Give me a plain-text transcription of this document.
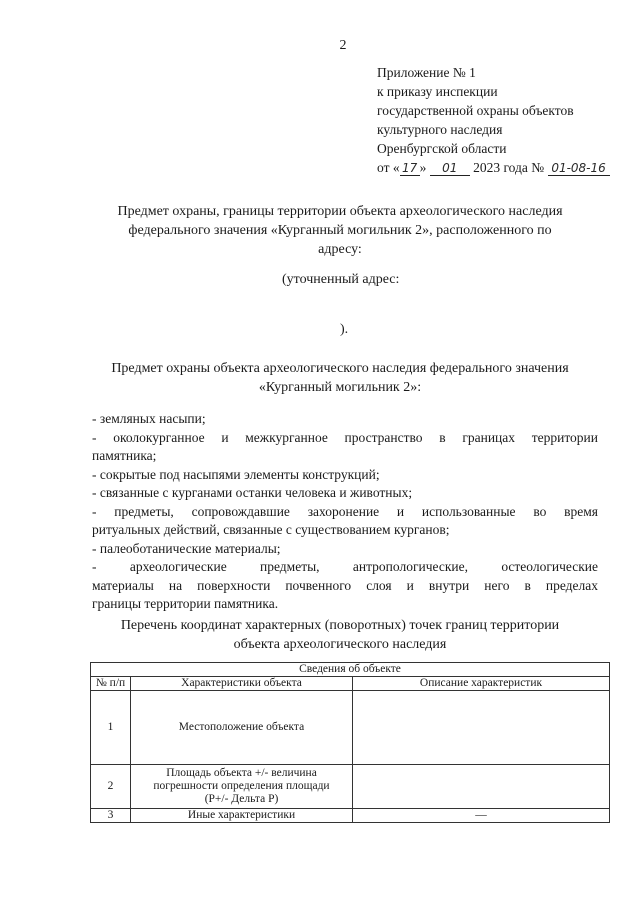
2
Приложение № 1
к приказу инспекции
государственной охраны объектов
культурного наследия
Оренбургской области
от « 17 » 01 2023 года № 01-08-16
Предмет охраны, границы территории объекта археологического наследия
федерального значения «Курганный могильник 2», расположенного по
адресу:
(уточненный адрес:
).
Предмет охраны объекта археологического наследия федерального значения
«Курганный могильник 2»:
- земляных насыпи;
- околокурганное и межкурганное пространство в границах территории
памятника;
- сокрытые под насыпями элементы конструкций;
- связанные с курганами останки человека и животных;
- предметы, сопровождавшие захоронение и использованные во время
ритуальных действий, связанные с существованием курганов;
- палеоботанические материалы;
- археологические предметы, антропологические, остеологические
материалы на поверхности почвенного слоя и внутри него в пределах
границы территории памятника.
Перечень координат характерных (поворотных) точек границ территории
объекта археологического наследия
Сведения об объекте		
№ п/п	Характеристики объекта	Описание характеристик
1	Местоположение объекта	
2	Площадь объекта +/- величина погрешности определения площади (Р+/- Дельта Р)	
3	Иные характеристики	—
